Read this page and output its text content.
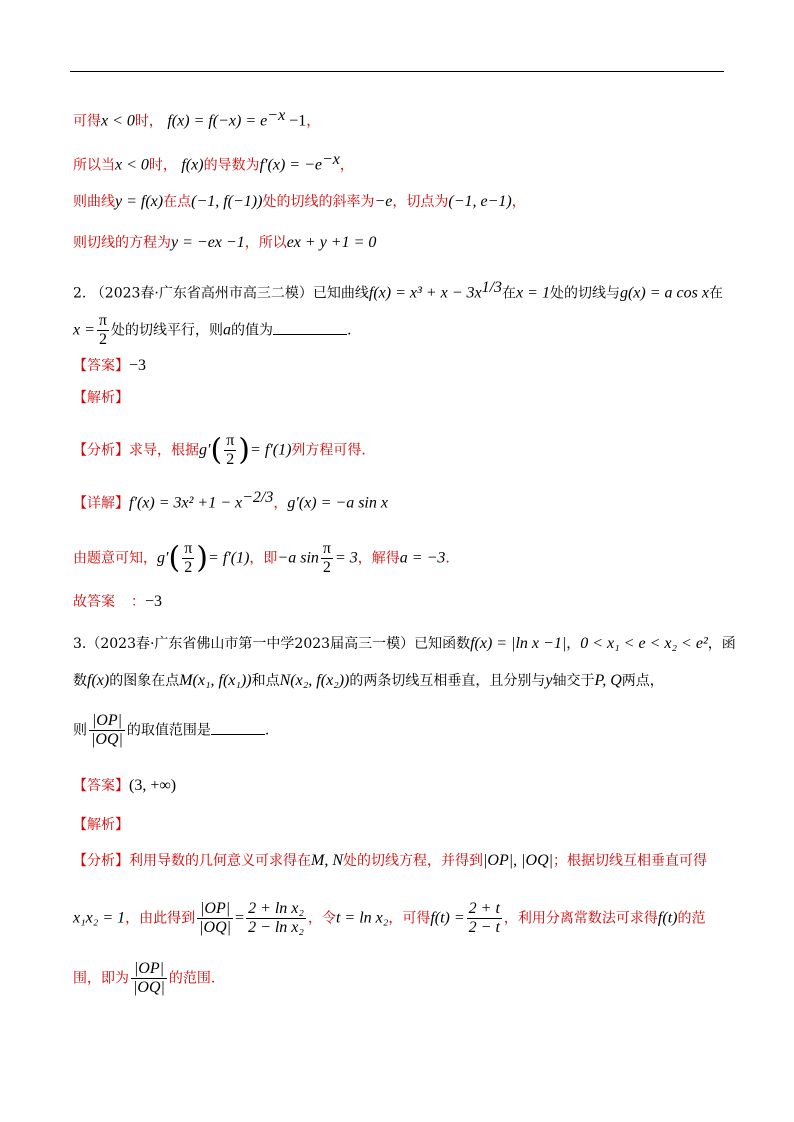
可得x < 0时， $f(x) = f(-x) = e^{-x} -1$，
所以当x < 0时， f(x)的导数为$f'(x) = -e^{-x}$，
则曲线y = f(x)在点(−1, f(−1))处的切线的斜率为−e，切点为(−1, e−1)，
则切线的方程为y = −ex −1，所以ex + y +1 = 0
2. （2023春·广东省高州市高三二模）已知曲线$f(x) = x^3 + x - 3x^{1/3}$在x = 1处的切线与g(x) = a cos x在
$x = \frac{\pi}{2}$ 处的切线平行，则a的值为	.
【答案】−3
【解析】
【分析】求导，根据$g'( \frac{\pi}{2}$ )= f′(1)列方程可得.
【详解】$f'(x) = 3x^2 +1 - x^{-2/3}$，g′(x) = −a sin x
由题意可知，$g'( \frac{\pi}{2}$ )= f′(1)，即−a $\sin \frac{\pi}{2} = 3$，解得a = −3.
故答案 ：−3
3.（2023春·广东省佛山市第一中学2023届高三一模）已知函数f(x) = |ln x −1|，0 < x₁ < e < x₂ < e²，函
数f(x)的图象在点M(x₁, f(x₁))和点N(x₂, f(x₂))的两条切线互相垂直，且分别与y轴交于P, Q两点，
则 $\frac{|OP|}{|OQ|}$ 的取值范围是	.
【答案】(3, +∞)
【解析】
【分析】利用导数的几何意义可求得在M, N处的切线方程，并得到|OP|, |OQ|；根据切线互相垂直可得
x₁x₂ = 1，由此得到 $\frac{|OP|}{|OQ|} = \frac{\text{2 + ln x₂}}{\text{2 − ln x₂}}$ ，令t = ln x₂，可得$f(t) = \frac{2 + t}{2 - t}$ ，利用分离常数法可求得f(t)的范
围，即为 $\frac{|OP|}{|OQ|}$ 的范围.
